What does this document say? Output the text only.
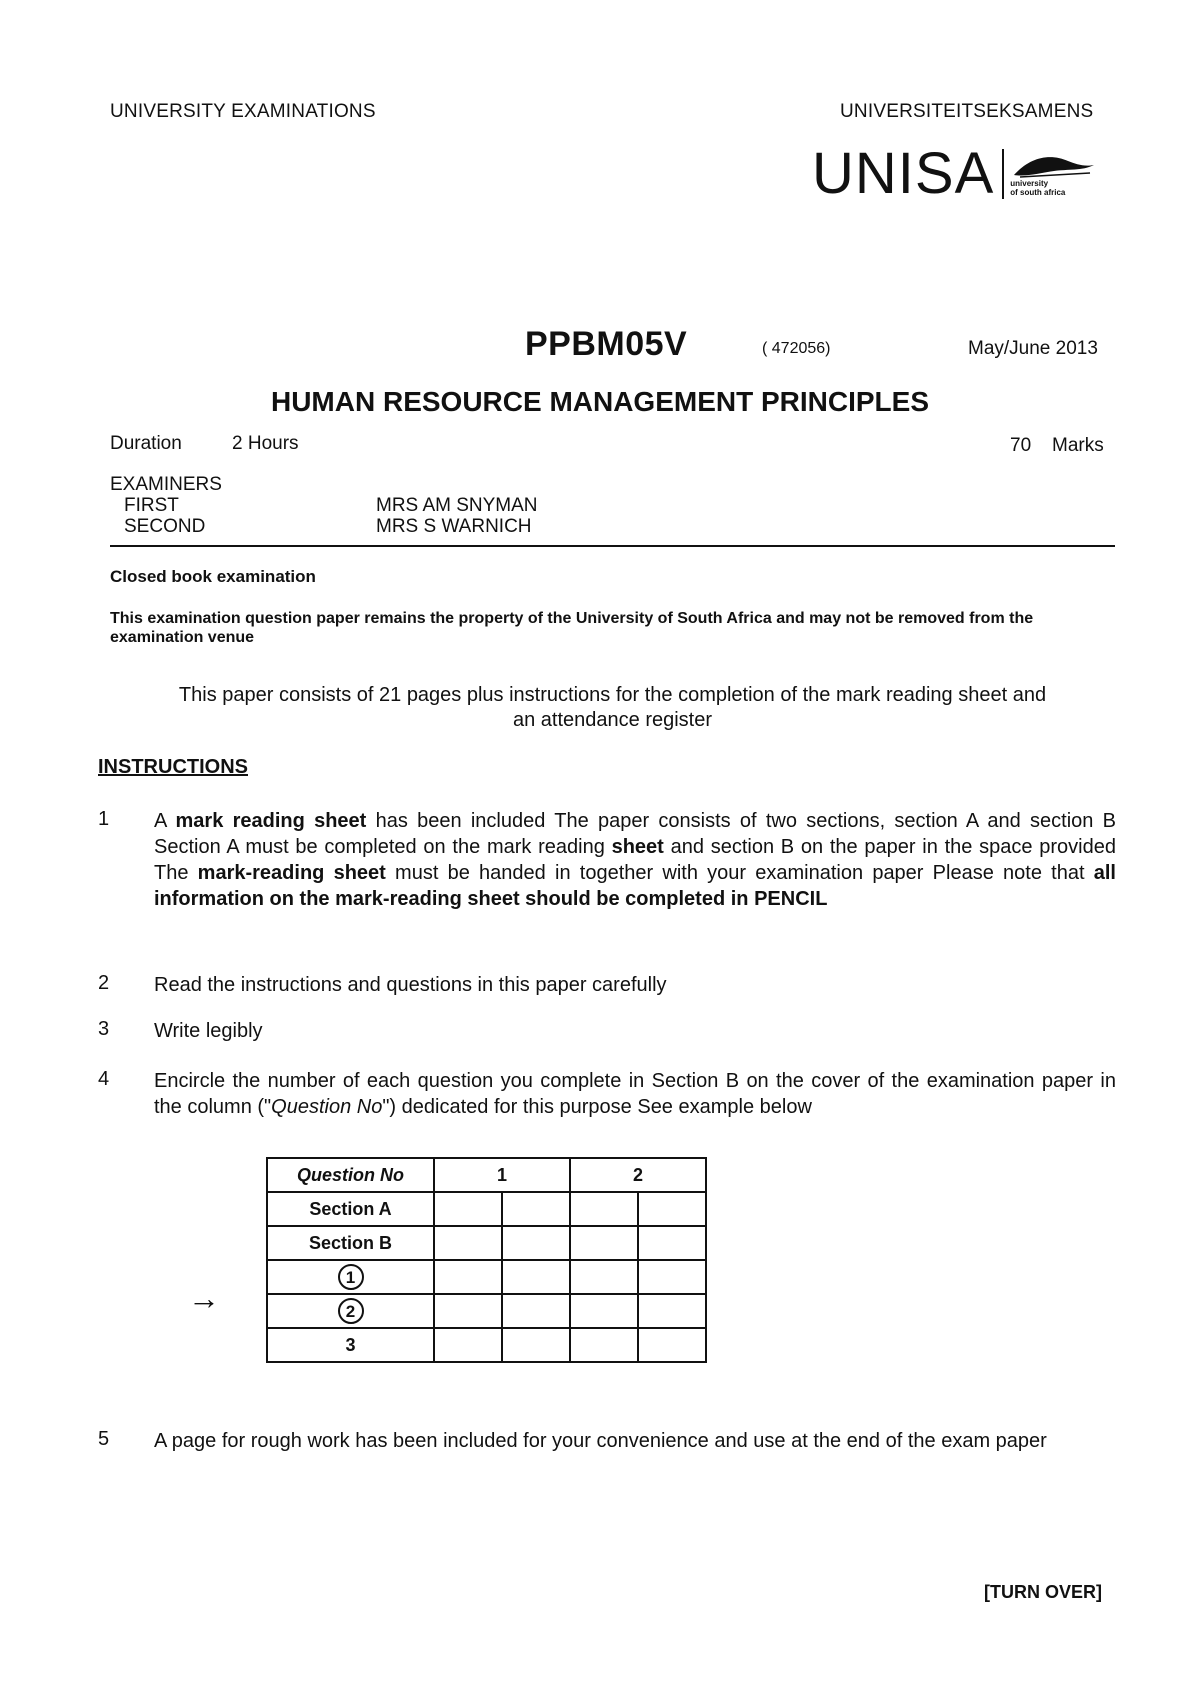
UNIVERSITY EXAMINATIONS	UNIVERSITEITSEKSAMENS
UNISA university
of south africa
PPBM05V	( 472056)	May/June 2013
HUMAN RESOURCE MANAGEMENT PRINCIPLES
Duration	2 Hours	70 Marks
EXAMINERS
FIRST	MRS AM SNYMAN
SECOND	MRS S WARNICH
Closed book examination
This examination question paper remains the property of the University of South Africa and may not be removed from the examination venue
This paper consists of 21 pages plus instructions for the completion of the mark reading sheet and
an attendance register
INSTRUCTIONS
1 A mark reading sheet has been included The paper consists of two sections, section A and section B Section A must be completed on the mark reading sheet and section B on the paper in the space provided The mark-reading sheet must be handed in together with your examination paper Please note that all information on the mark-reading sheet should be completed in PENCIL
2 Read the instructions and questions in this paper carefully
3 Write legibly
4 Encircle the number of each question you complete in Section B on the cover of the examination paper in the column ("Question No") dedicated for this purpose See example below
→
Question No	1		2	
Section A				
Section B				
1				
2				
3				
5 A page for rough work has been included for your convenience and use at the end of the exam paper
[TURN OVER]
